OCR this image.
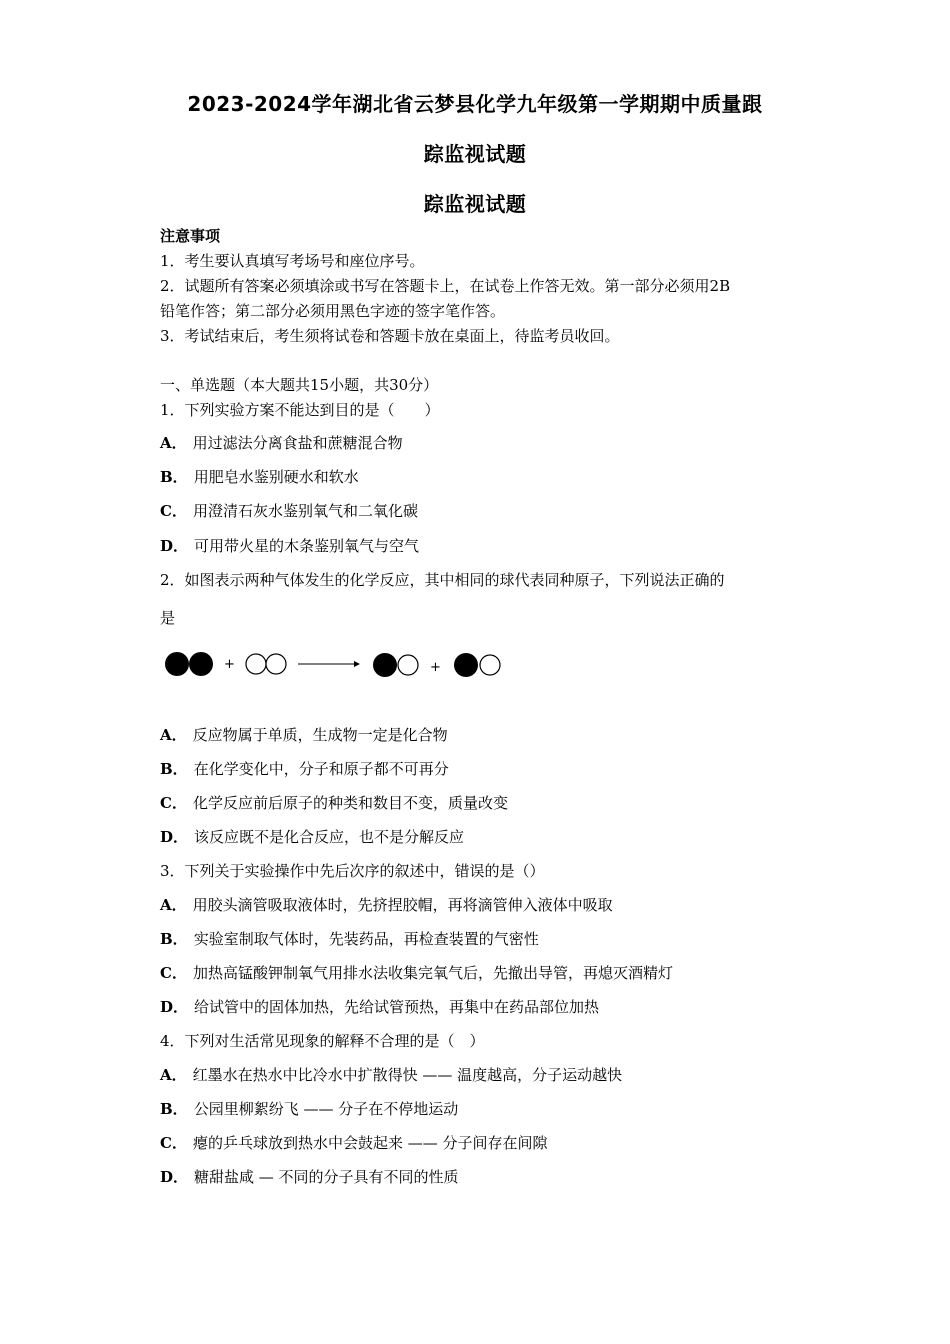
2023-2024学年湖北省云梦县化学九年级第一学期期中质量跟
踪监视试题
踪监视试题
注意事项
1．考生要认真填写考场号和座位序号。
2．试题所有答案必须填涂或书写在答题卡上，在试卷上作答无效。第一部分必须用2B
铅笔作答；第二部分必须用黑色字迹的签字笔作答。
3．考试结束后，考生须将试卷和答题卡放在桌面上，待监考员收回。
一、单选题（本大题共15小题，共30分）
1．下列实验方案不能达到目的是（　　）
A． 用过滤法分离食盐和蔗糖混合物
B． 用肥皂水鉴别硬水和软水
C． 用澄清石灰水鉴别氧气和二氧化碳
D． 可用带火星的木条鉴别氧气与空气
2．如图表示两种气体发生的化学反应，其中相同的球代表同种原子，下列说法正确的
是
+	+
A． 反应物属于单质，生成物一定是化合物
B． 在化学变化中，分子和原子都不可再分
C． 化学反应前后原子的种类和数目不变，质量改变
D． 该反应既不是化合反应，也不是分解反应
3．下列关于实验操作中先后次序的叙述中，错误的是（）
A． 用胶头滴管吸取液体时，先挤捏胶帽，再将滴管伸入液体中吸取
B． 实验室制取气体时，先装药品，再检查装置的气密性
C． 加热高锰酸钾制氧气用排水法收集完氧气后，先撤出导管，再熄灭酒精灯
D． 给试管中的固体加热，先给试管预热，再集中在药品部位加热
4．下列对生活常见现象的解释不合理的是（　）
A． 红墨水在热水中比冷水中扩散得快 —— 温度越高，分子运动越快
B． 公园里柳絮纷飞 —— 分子在不停地运动
C． 瘪的乒乓球放到热水中会鼓起来 —— 分子间存在间隙
D． 糖甜盐咸 — 不同的分子具有不同的性质
